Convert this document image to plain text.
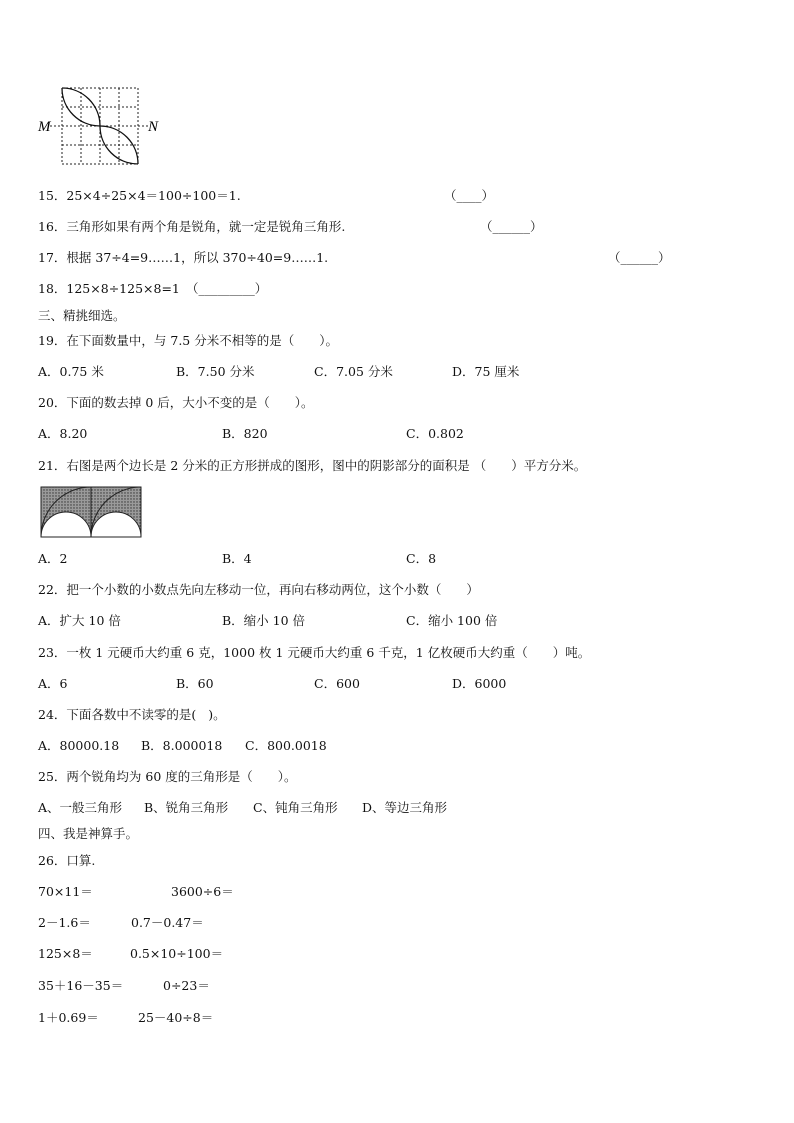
M	N
15．25×4÷25×4＝100÷100＝1.	（____）
16．三角形如果有两个角是锐角，就一定是锐角三角形.	（______）
17．根据 37÷4=9……1，所以 370÷40=9……1.	（______）
18．125×8÷125×8=1 （_________）
三、精挑细选。
19．在下面数量中，与 7.5 分米不相等的是（　　）。
A．0.75 米	B．7.50 分米	C．7.05 分米	D．75 厘米
20．下面的数去掉 0 后，大小不变的是（　　）。
A．8.20	B．820	C．0.802
21．右图是两个边长是 2 分米的正方形拼成的图形，图中的阴影部分的面积是 （　　）平方分米。
A．2	B．4	C．8
22．把一个小数的小数点先向左移动一位，再向右移动两位，这个小数（　　）
A．扩大 10 倍	B．缩小 10 倍	C．缩小 100 倍
23．一枚 1 元硬币大约重 6 克，1000 枚 1 元硬币大约重 6 千克，1 亿枚硬币大约重（　　）吨。
A．6	B．60	C．600	D．6000
24．下面各数中不读零的是(   )。
A．80000.18 B．8.000018 C．800.0018
25．两个锐角均为 60 度的三角形是（　　）。
A、一般三角形 B、锐角三角形 C、钝角三角形 D、等边三角形
四、我是神算手。
26．口算.
70×11＝	3600÷6＝
2－1.6＝	0.7－0.47＝
125×8＝	0.5×10÷100＝
35＋16－35＝	0÷23＝
1＋0.69＝	25－40÷8＝
